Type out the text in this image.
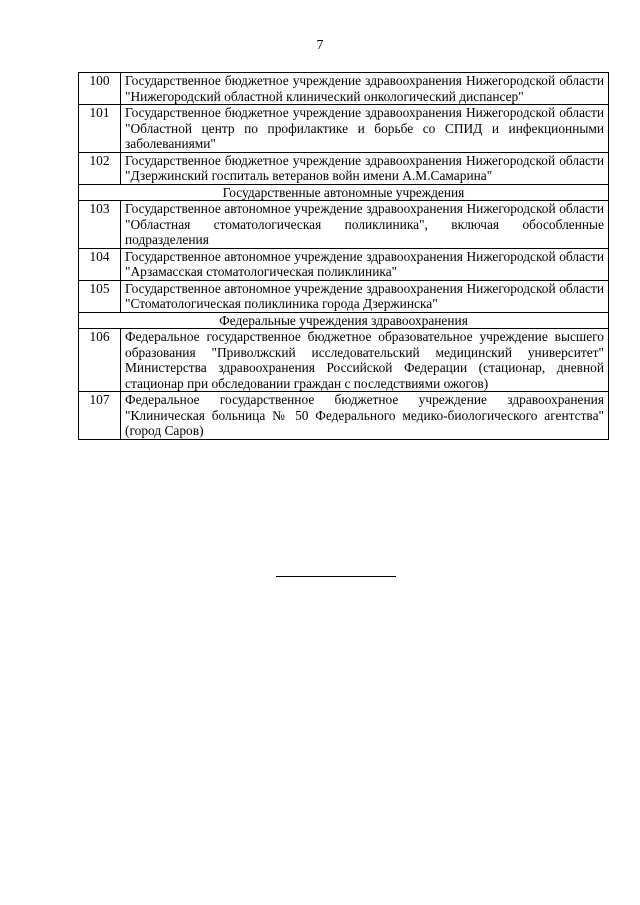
7
100	Государственное бюджетное учреждение здравоохранения Нижегородской области "Нижегородский областной клинический онкологический диспансер"
101	Государственное бюджетное учреждение здравоохранения Нижегородской области "Областной центр по профилактике и борьбе со СПИД и инфекционными заболеваниями"
102	Государственное бюджетное учреждение здравоохранения Нижегородской области "Дзержинский госпиталь ветеранов войн имени А.М.Самарина"
Государственные автономные учреждения	
103	Государственное автономное учреждение здравоохранения Нижегородской области "Областная стоматологическая поликлиника", включая обособленные подразделения
104	Государственное автономное учреждение здравоохранения Нижегородской области "Арзамасская стоматологическая поликлиника"
105	Государственное автономное учреждение здравоохранения Нижегородской области "Стоматологическая поликлиника города Дзержинска"
Федеральные учреждения здравоохранения	
106	Федеральное государственное бюджетное образовательное учреждение высшего образования "Приволжский исследовательский медицинский университет" Министерства здравоохранения Российской Федерации (стационар, дневной стационар при обследовании граждан с последствиями ожогов)
107	Федеральное государственное бюджетное учреждение здравоохранения "Клиническая больница № 50 Федерального медико-биологического агентства" (город Саров)
